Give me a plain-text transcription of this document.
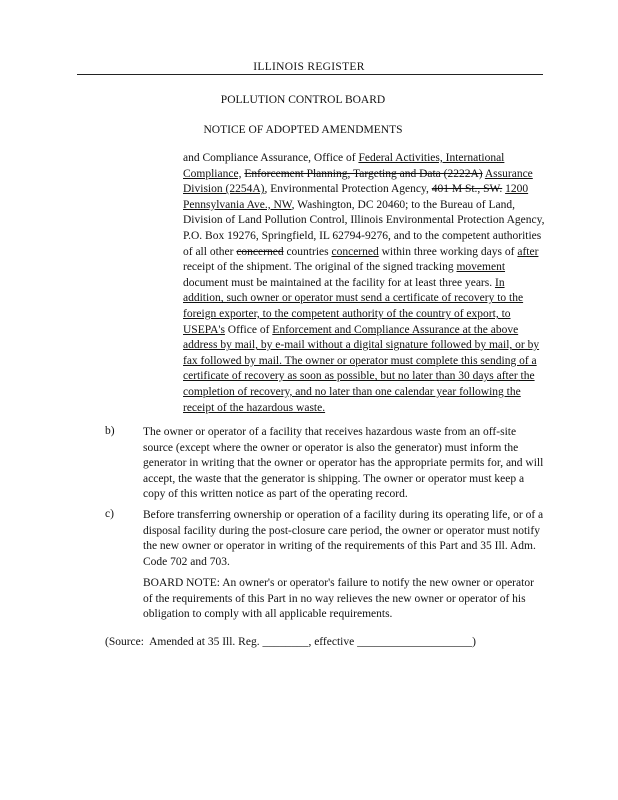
ILLINOIS REGISTER
POLLUTION CONTROL BOARD
NOTICE OF ADOPTED AMENDMENTS
and Compliance Assurance, Office of Federal Activities, International Compliance, Enforcement Planning, Targeting and Data (2222A) Assurance Division (2254A), Environmental Protection Agency, 401 M St., SW. 1200 Pennsylvania Ave., NW, Washington, DC 20460; to the Bureau of Land, Division of Land Pollution Control, Illinois Environmental Protection Agency, P.O. Box 19276, Springfield, IL 62794-9276, and to the competent authorities of all other concerned countries concerned within three working days of after receipt of the shipment. The original of the signed tracking movement document must be maintained at the facility for at least three years. In addition, such owner or operator must send a certificate of recovery to the foreign exporter, to the competent authority of the country of export, to USEPA's Office of Enforcement and Compliance Assurance at the above address by mail, by e-mail without a digital signature followed by mail, or by fax followed by mail. The owner or operator must complete this sending of a certificate of recovery as soon as possible, but no later than 30 days after the completion of recovery, and no later than one calendar year following the receipt of the hazardous waste.
b) The owner or operator of a facility that receives hazardous waste from an off-site source (except where the owner or operator is also the generator) must inform the generator in writing that the owner or operator has the appropriate permits for, and will accept, the waste that the generator is shipping. The owner or operator must keep a copy of this written notice as part of the operating record.
c)	Before transferring ownership or operation of a facility during its operating life, or of a disposal facility during the post-closure care period, the owner or operator must notify the new owner or operator in writing of the requirements of this Part and 35 Ill. Adm. Code 702 and 703.
BOARD NOTE: An owner's or operator's failure to notify the new owner or operator of the requirements of this Part in no way relieves the new owner or operator of his obligation to comply with all applicable requirements.
(Source:  Amended at 35 Ill. Reg. ________, effective ____________________)
